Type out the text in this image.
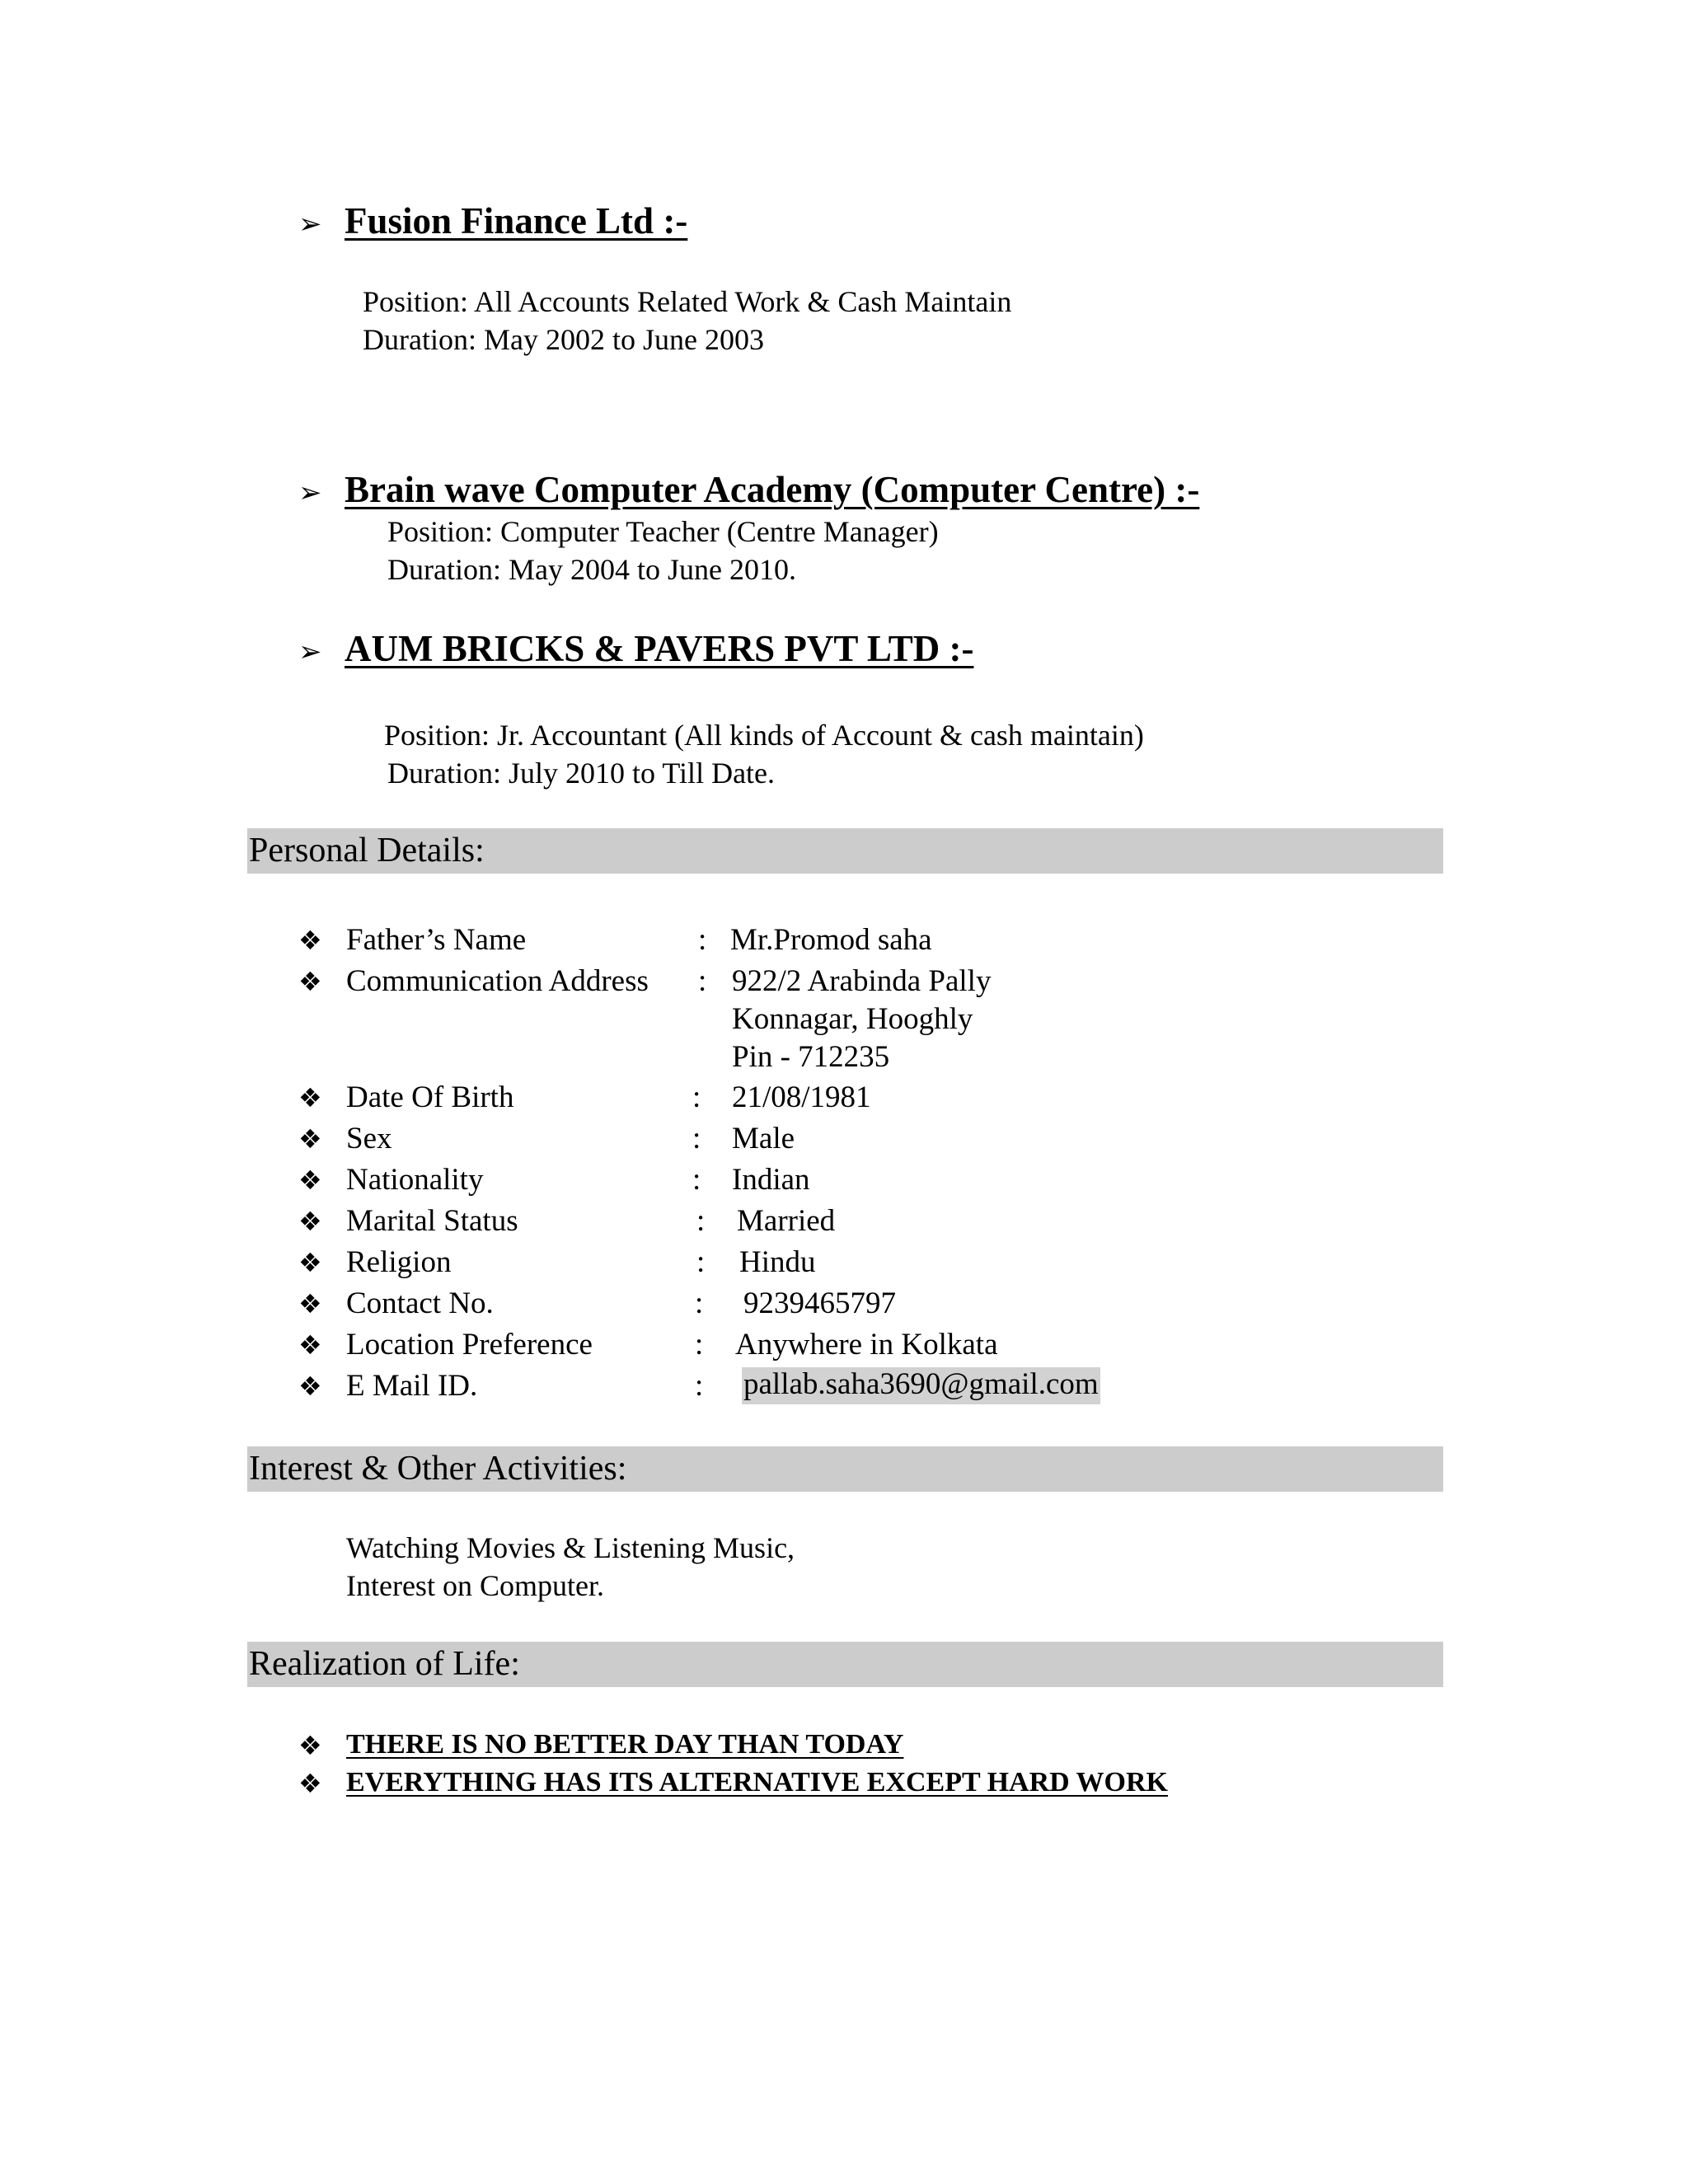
➢ Fusion Finance Ltd :-
Position: All Accounts Related Work & Cash Maintain
Duration: May 2002 to June 2003
➢ Brain wave Computer Academy (Computer Centre) :-
Position: Computer Teacher (Centre Manager)
Duration: May 2004 to June 2010.
➢ AUM BRICKS & PAVERS PVT LTD :-
Position: Jr. Accountant (All kinds of Account & cash maintain)
Duration: July 2010 to Till Date.
Personal Details:
❖ Father’s Name	: Mr.Promod saha
❖ Communication Address : 922/2 Arabinda Pally
Konnagar, Hooghly
Pin - 712235
❖ Date Of Birth	: 21/08/1981
❖ Sex	: Male
❖ Nationality	: Indian
❖ Marital Status	: Married
❖ Religion	: Hindu
❖ Contact No.	: 9239465797
❖ Location Preference	: Anywhere in Kolkata
❖ E Mail ID.	: pallab.saha3690@gmail.com
Interest & Other Activities:
Watching Movies & Listening Music,
Interest on Computer.
Realization of Life:
❖ THERE IS NO BETTER DAY THAN TODAY
❖ EVERYTHING HAS ITS ALTERNATIVE EXCEPT HARD WORK
